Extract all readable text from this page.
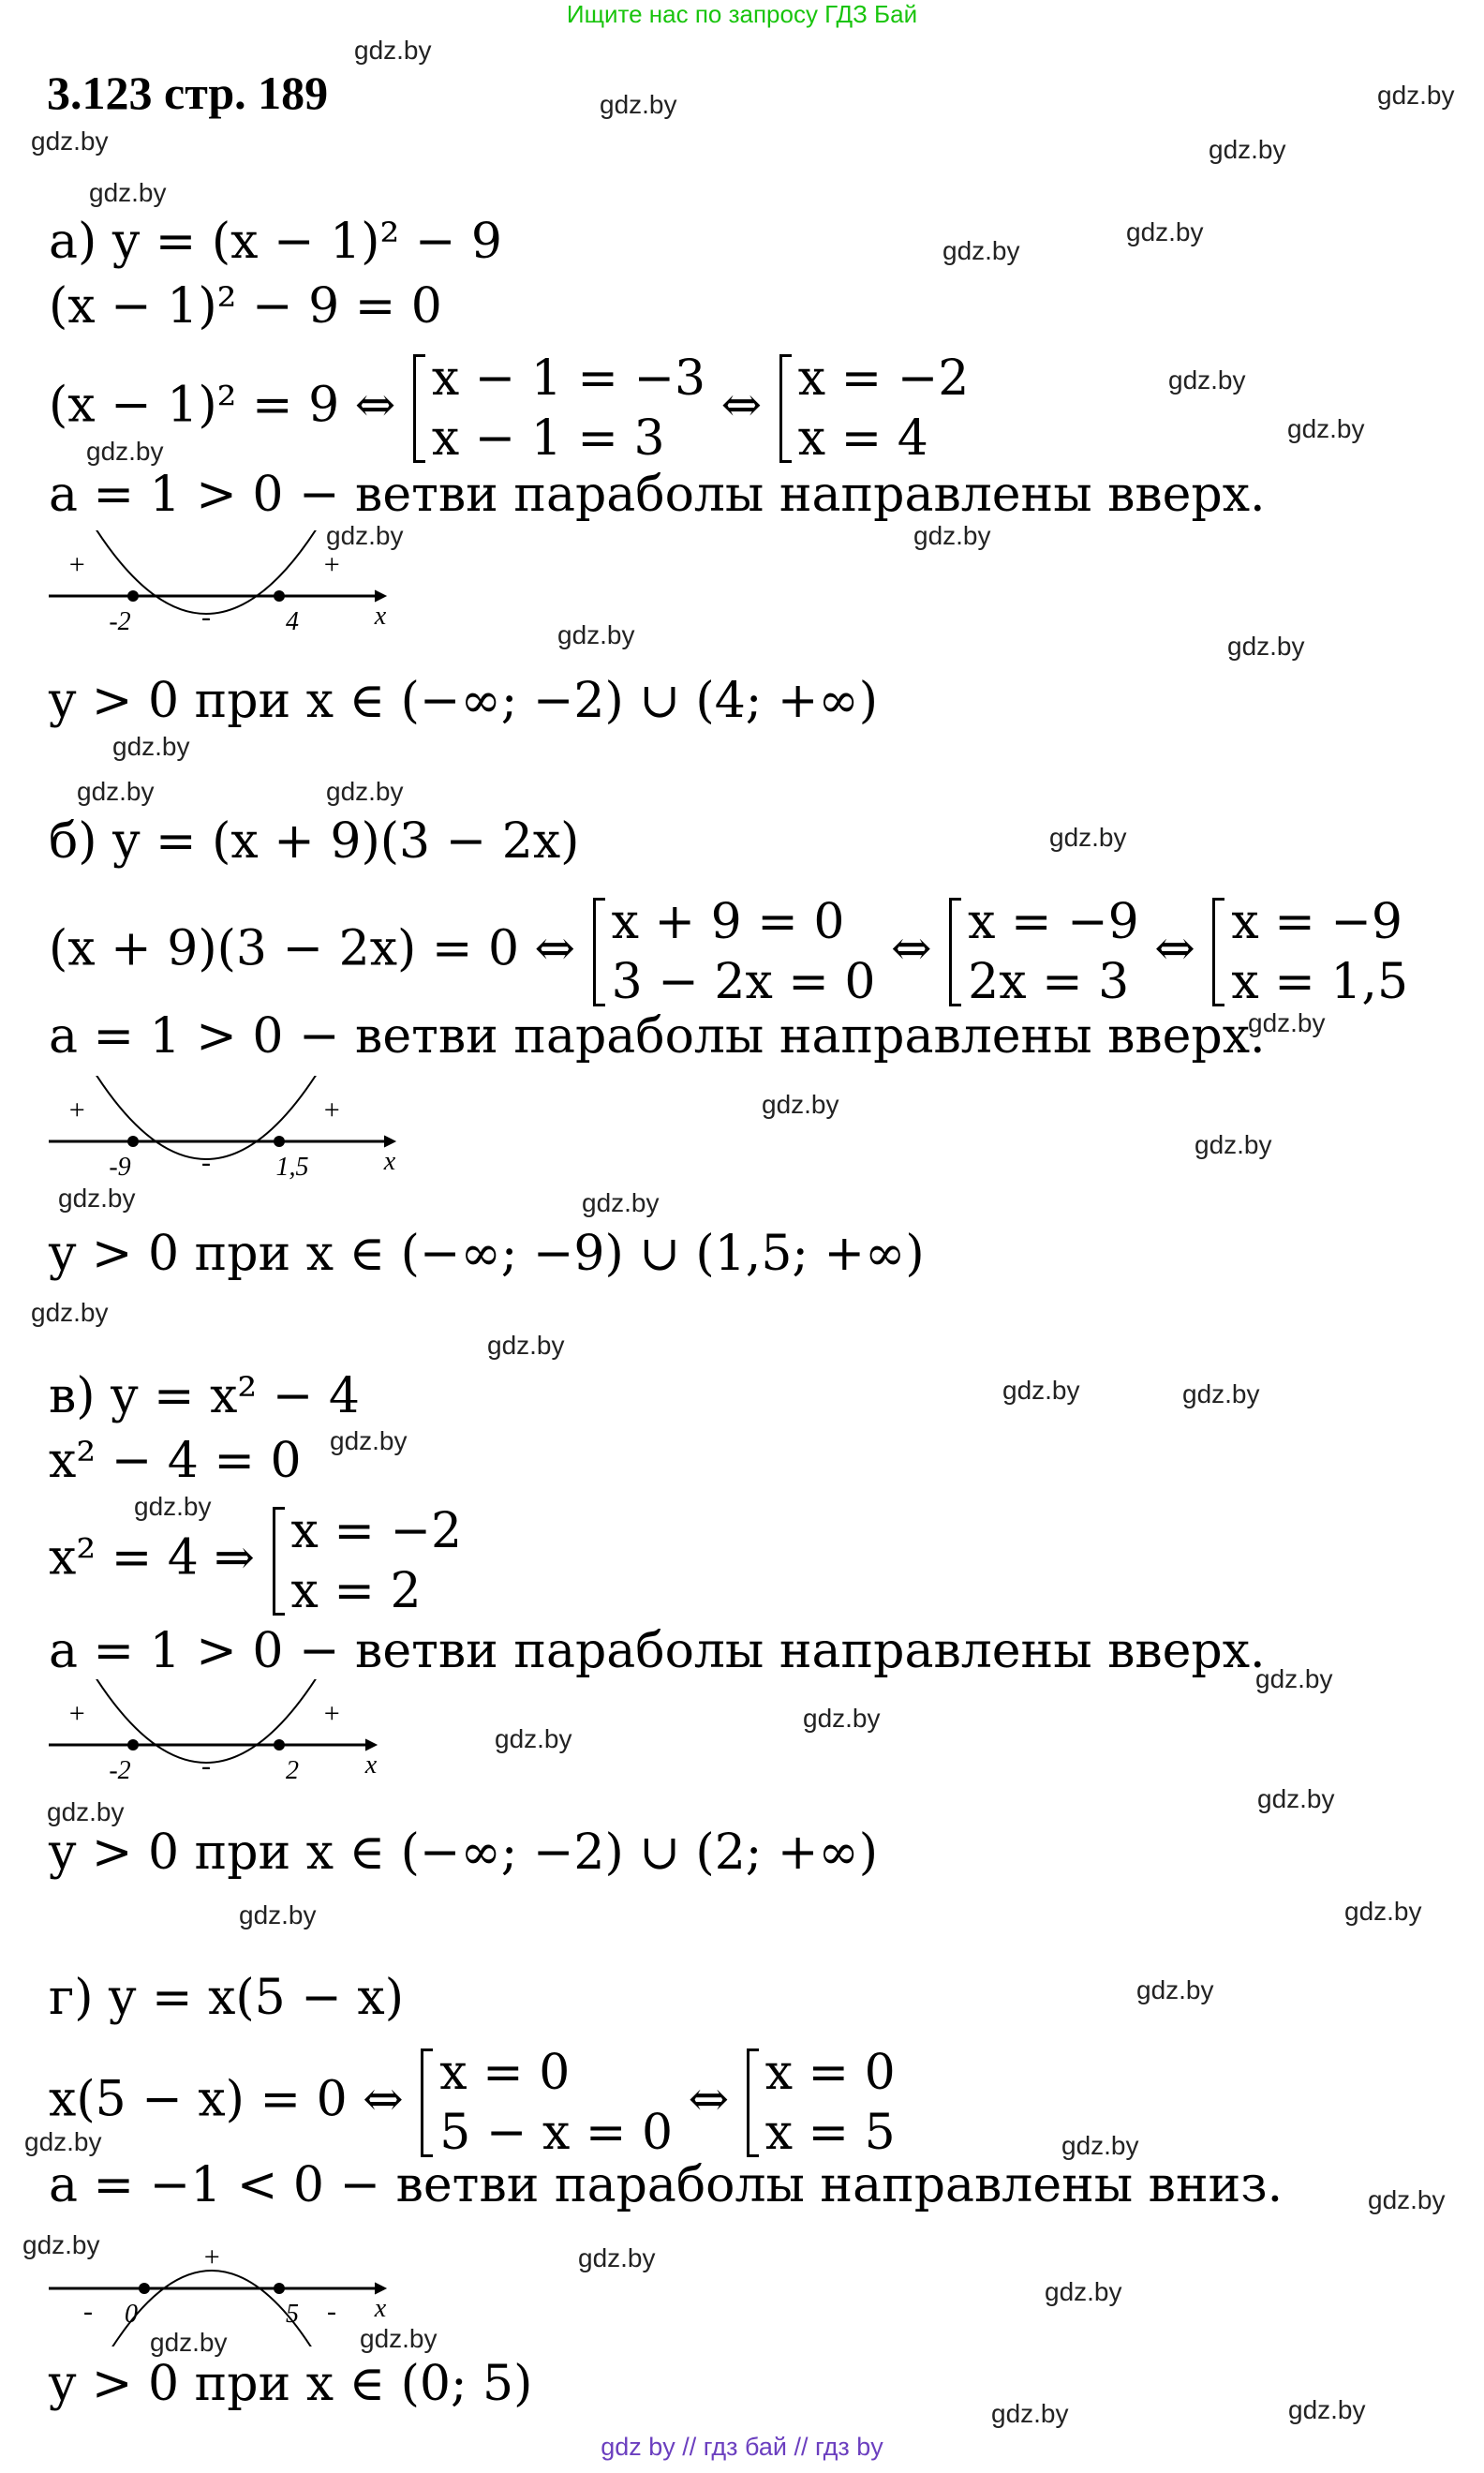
Ищите нас по запросу ГДЗ Бай
3.123 стр. 189
gdz.by
gdz.by	gdz.by
gdz.by	gdz.by
gdz.by
gdz.by
gdz.by
gdz.by
gdz.by
gdz.by
gdz.by	gdz.by
gdz.by	gdz.by
gdz.by
gdz.by	gdz.by
gdz.by
gdz.by
gdz.by
gdz.by
gdz.by	gdz.by
gdz.by
gdz.by
gdz.by	gdz.by
gdz.by
gdz.by
gdz.by
gdz.by
gdz.by
gdz.by
gdz.by
gdz.by	gdz.by
gdz.by
gdz.by	gdz.by
gdz.by
gdz.by	gdz.by
gdz.by
gdz.by	gdz.by
gdz.by	gdz.by
а) y = (x − 1)² − 9
(x − 1)² − 9 = 0
(x − 1)² = 9 ⇔ x − 1 = −3
x − 1 = 3
⇔ x = −2
x = 4
a = 1 > 0 − ветви параболы направлены вверх.
-2	4	x
+
-
+
y > 0 при x ∈ (−∞; −2) ∪ (4; +∞)
б) y = (x + 9)(3 − 2x)
(x + 9)(3 − 2x) = 0 ⇔ x + 9 = 0
3 − 2x = 0
⇔ x = −9
2x = 3
⇔ x = −9
x = 1,5
a = 1 > 0 − ветви параболы направлены вверх.
-9	1,5	x
+
-
+
y > 0 при x ∈ (−∞; −9) ∪ (1,5; +∞)
в) y = x² − 4
x² − 4 = 0
x² = 4 ⇒ x = −2
x = 2
a = 1 > 0 − ветви параболы направлены вверх.
-2	2	x
+
-
+
y > 0 при x ∈ (−∞; −2) ∪ (2; +∞)
г) y = x(5 − x)
x(5 − x) = 0 ⇔ x = 0
5 − x = 0
⇔ x = 0
x = 5
a = −1 < 0 − ветви параболы направлены вниз.
0	5	x
-
+
-
y > 0 при x ∈ (0; 5)
gdz by // гдз бай // гдз by
